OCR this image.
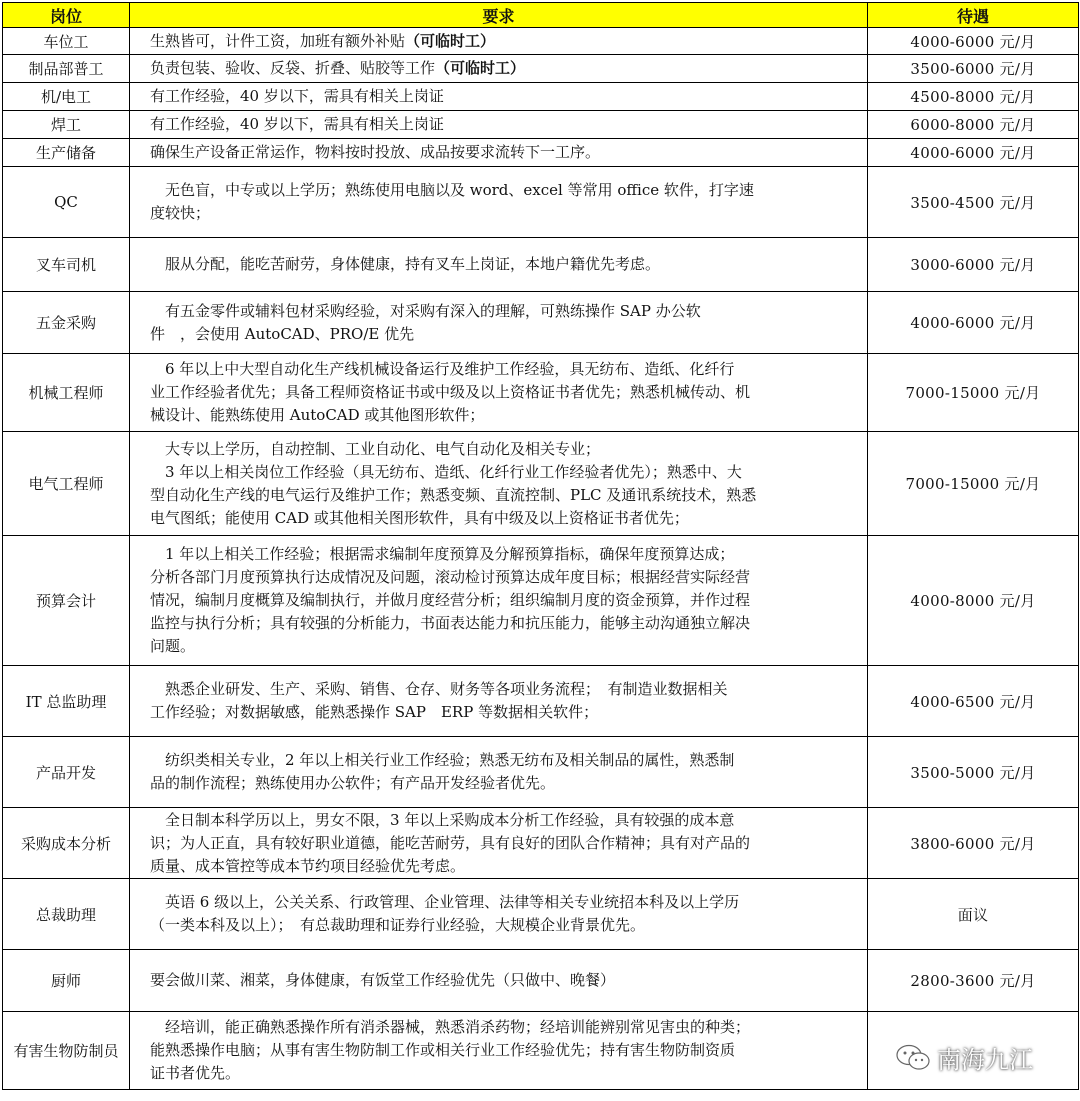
岗位	要求	待遇
车位工	生熟皆可，计件工资，加班有额外补贴（可临时工）	4000-6000 元/月
制品部普工	负责包装、验收、反袋、折叠、贴胶等工作（可临时工）	3500-6000 元/月
机/电工	有工作经验，40 岁以下，需具有相关上岗证	4500-8000 元/月
焊工	有工作经验，40 岁以下，需具有相关上岗证	6000-8000 元/月
生产储备	确保生产设备正常运作，物料按时投放、成品按要求流转下一工序。	4000-6000 元/月
QC	无色盲，中专或以上学历；熟练使用电脑以及 word、excel 等常用 office 软件，打字速
度较快；	3500-4500 元/月
叉车司机	服从分配，能吃苦耐劳，身体健康，持有叉车上岗证，本地户籍优先考虑。	3000-6000 元/月
五金采购	有五金零件或辅料包材采购经验，对采购有深入的理解，可熟练操作 SAP 办公软
件　，会使用 AutoCAD、PRO/E 优先	4000-6000 元/月
机械工程师	6 年以上中大型自动化生产线机械设备运行及维护工作经验，具无纺布、造纸、化纤行
业工作经验者优先；具备工程师资格证书或中级及以上资格证书者优先；熟悉机械传动、机
械设计、能熟练使用 AutoCAD 或其他图形软件；	7000-15000 元/月
电气工程师	大专以上学历，自动控制、工业自动化、电气自动化及相关专业；
3 年以上相关岗位工作经验（具无纺布、造纸、化纤行业工作经验者优先）；熟悉中、大
型自动化生产线的电气运行及维护工作；熟悉变频、直流控制、PLC 及通讯系统技术，熟悉
电气图纸；能使用 CAD 或其他相关图形软件，具有中级及以上资格证书者优先；	7000-15000 元/月
预算会计	1 年以上相关工作经验；根据需求编制年度预算及分解预算指标，确保年度预算达成；
分析各部门月度预算执行达成情况及问题，滚动检讨预算达成年度目标；根据经营实际经营
情况，编制月度概算及编制执行，并做月度经营分析；组织编制月度的资金预算，并作过程
监控与执行分析；具有较强的分析能力，书面表达能力和抗压能力，能够主动沟通独立解决
问题。	4000-8000 元/月
IT 总监助理	熟悉企业研发、生产、采购、销售、仓存、财务等各项业务流程；　有制造业数据相关
工作经验；对数据敏感，能熟悉操作 SAP　ERP 等数据相关软件；	4000-6500 元/月
产品开发	纺织类相关专业，2 年以上相关行业工作经验；熟悉无纺布及相关制品的属性，熟悉制
品的制作流程；熟练使用办公软件；有产品开发经验者优先。	3500-5000 元/月
采购成本分析	全日制本科学历以上，男女不限，3 年以上采购成本分析工作经验，具有较强的成本意
识；为人正直，具有较好职业道德，能吃苦耐劳，具有良好的团队合作精神；具有对产品的
质量、成本管控等成本节约项目经验优先考虑。	3800-6000 元/月
总裁助理	英语 6 级以上，公关关系、行政管理、企业管理、法律等相关专业统招本科及以上学历
（一类本科及以上）；　有总裁助理和证券行业经验，大规模企业背景优先。	面议
厨师	要会做川菜、湘菜，身体健康，有饭堂工作经验优先（只做中、晚餐）	2800-3600 元/月
有害生物防制员	经培训，能正确熟悉操作所有消杀器械，熟悉消杀药物；经培训能辨别常见害虫的种类；
能熟悉操作电脑；从事有害生物防制工作或相关行业工作经验优先；持有害生物防制资质
证书者优先。	
		南海九江
